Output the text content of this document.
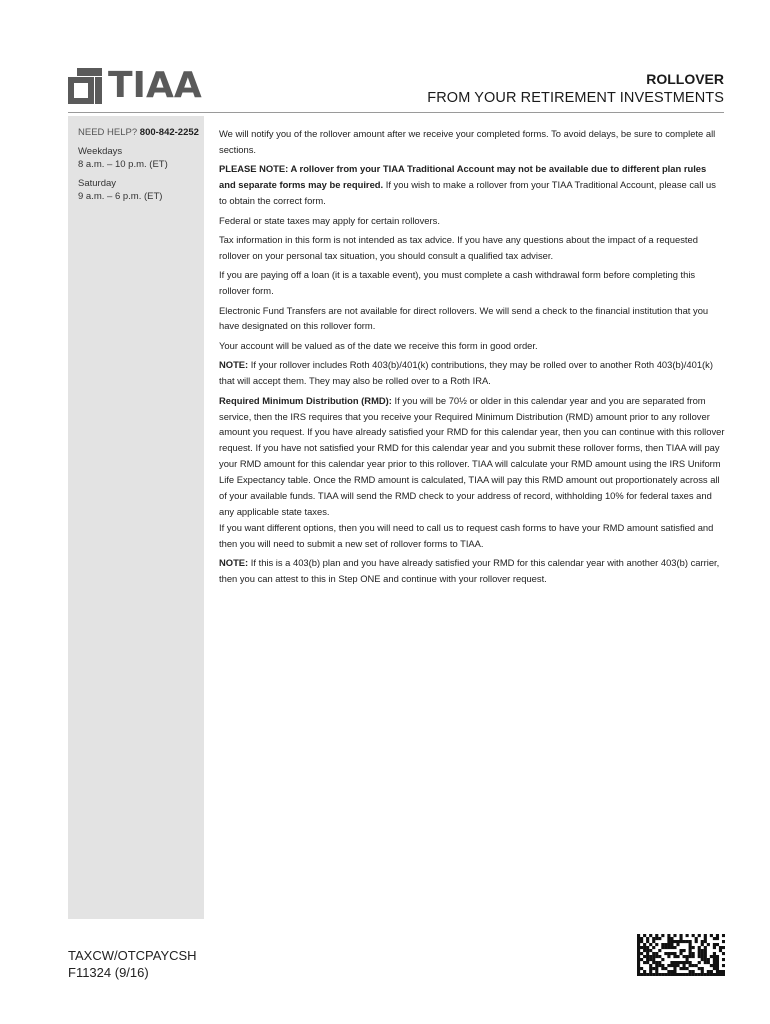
TIAA	ROLLOVER
FROM YOUR RETIREMENT INVESTMENTS
NEED HELP? 800-842-2252
Weekdays
8 a.m. – 10 p.m. (ET)
Saturday
9 a.m. – 6 p.m. (ET)

We will notify you of the rollover amount after we receive your completed forms. To avoid delays, be sure to complete all sections.

PLEASE NOTE: A rollover from your TIAA Traditional Account may not be available due to different plan rules and separate forms may be required. If you wish to make a rollover from your TIAA Traditional Account, please call us to obtain the correct form.

Federal or state taxes may apply for certain rollovers.

Tax information in this form is not intended as tax advice. If you have any questions about the impact of a requested rollover on your personal tax situation, you should consult a qualified tax adviser.

If you are paying off a loan (it is a taxable event), you must complete a cash withdrawal form before completing this rollover form.

Electronic Fund Transfers are not available for direct rollovers. We will send a check to the financial institution that you have designated on this rollover form.

Your account will be valued as of the date we receive this form in good order.

NOTE: If your rollover includes Roth 403(b)/401(k) contributions, they may be rolled over to another Roth 403(b)/401(k) that will accept them. They may also be rolled over to a Roth IRA.

Required Minimum Distribution (RMD): If you will be 70½ or older in this calendar year and you are separated from service, then the IRS requires that you receive your Required Minimum Distribution (RMD) amount prior to any rollover amount you request. If you have already satisfied your RMD for this calendar year, then you can continue with this rollover request. If you have not satisfied your RMD for this calendar year and you submit these rollover forms, then TIAA will pay your RMD amount for this calendar year prior to this rollover. TIAA will calculate your RMD amount using the IRS Uniform Life Expectancy table. Once the RMD amount is calculated, TIAA will pay this RMD amount out proportionately across all of your available funds. TIAA will send the RMD check to your address of record, withholding 10% for federal taxes and any applicable state taxes.

If you want different options, then you will need to call us to request cash forms to have your RMD amount satisfied and then you will need to submit a new set of rollover forms to TIAA.

NOTE: If this is a 403(b) plan and you have already satisfied your RMD for this calendar year with another 403(b) carrier, then you can attest to this in Step ONE and continue with your rollover request.

TAXCW/OTCPAYCSH
F11324 (9/16)
